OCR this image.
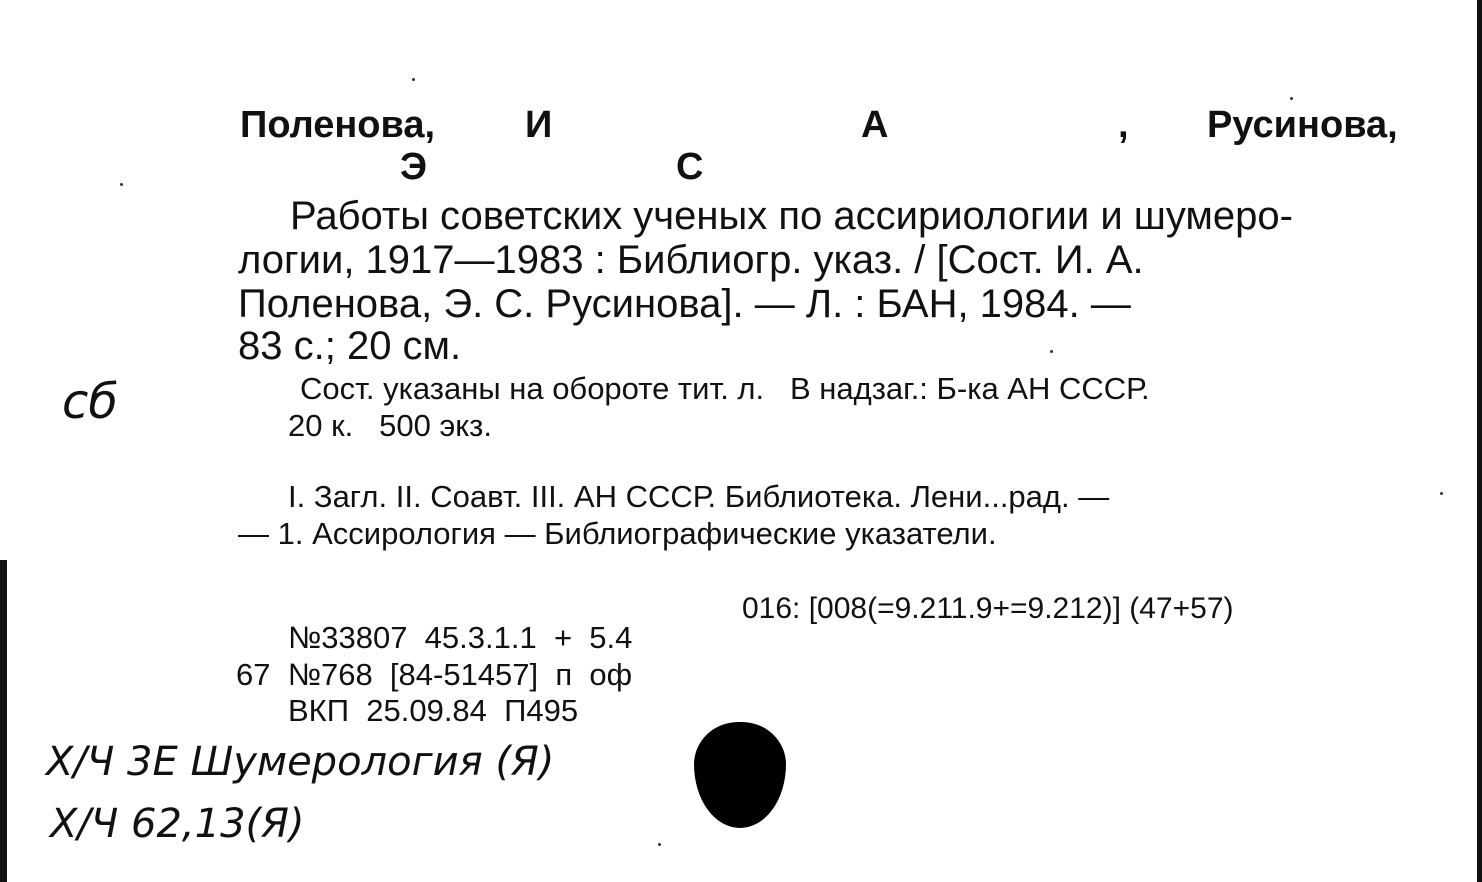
Поленова, И	А	, Русинова,
Э	С
Работы советских ученых по ассириологии и шумеро-
логии, 1917—1983 : Библиогр. указ. / [Сост. И. А.
Поленова, Э. С. Русинова]. — Л. : БАН, 1984. —
83 с.; 20 см.
сб	Сост. указаны на обороте тит. л.   В надзаг.: Б-ка АН СССР.
20 к.   500 экз.
I. Загл. II. Соавт. III. АН СССР. Библиотека. Лени...рад. —
— 1. Ассирология — Библиографические указатели.
016: [008(=9.211.9+=9.212)] (47+57)
№33807  45.3.1.1  +  5.4
67  №768  [84-51457]  п  оф
ВКП  25.09.84  П495
Х/Ч 3Е Шумерология (Я)
Х/Ч 62,13(Я)
